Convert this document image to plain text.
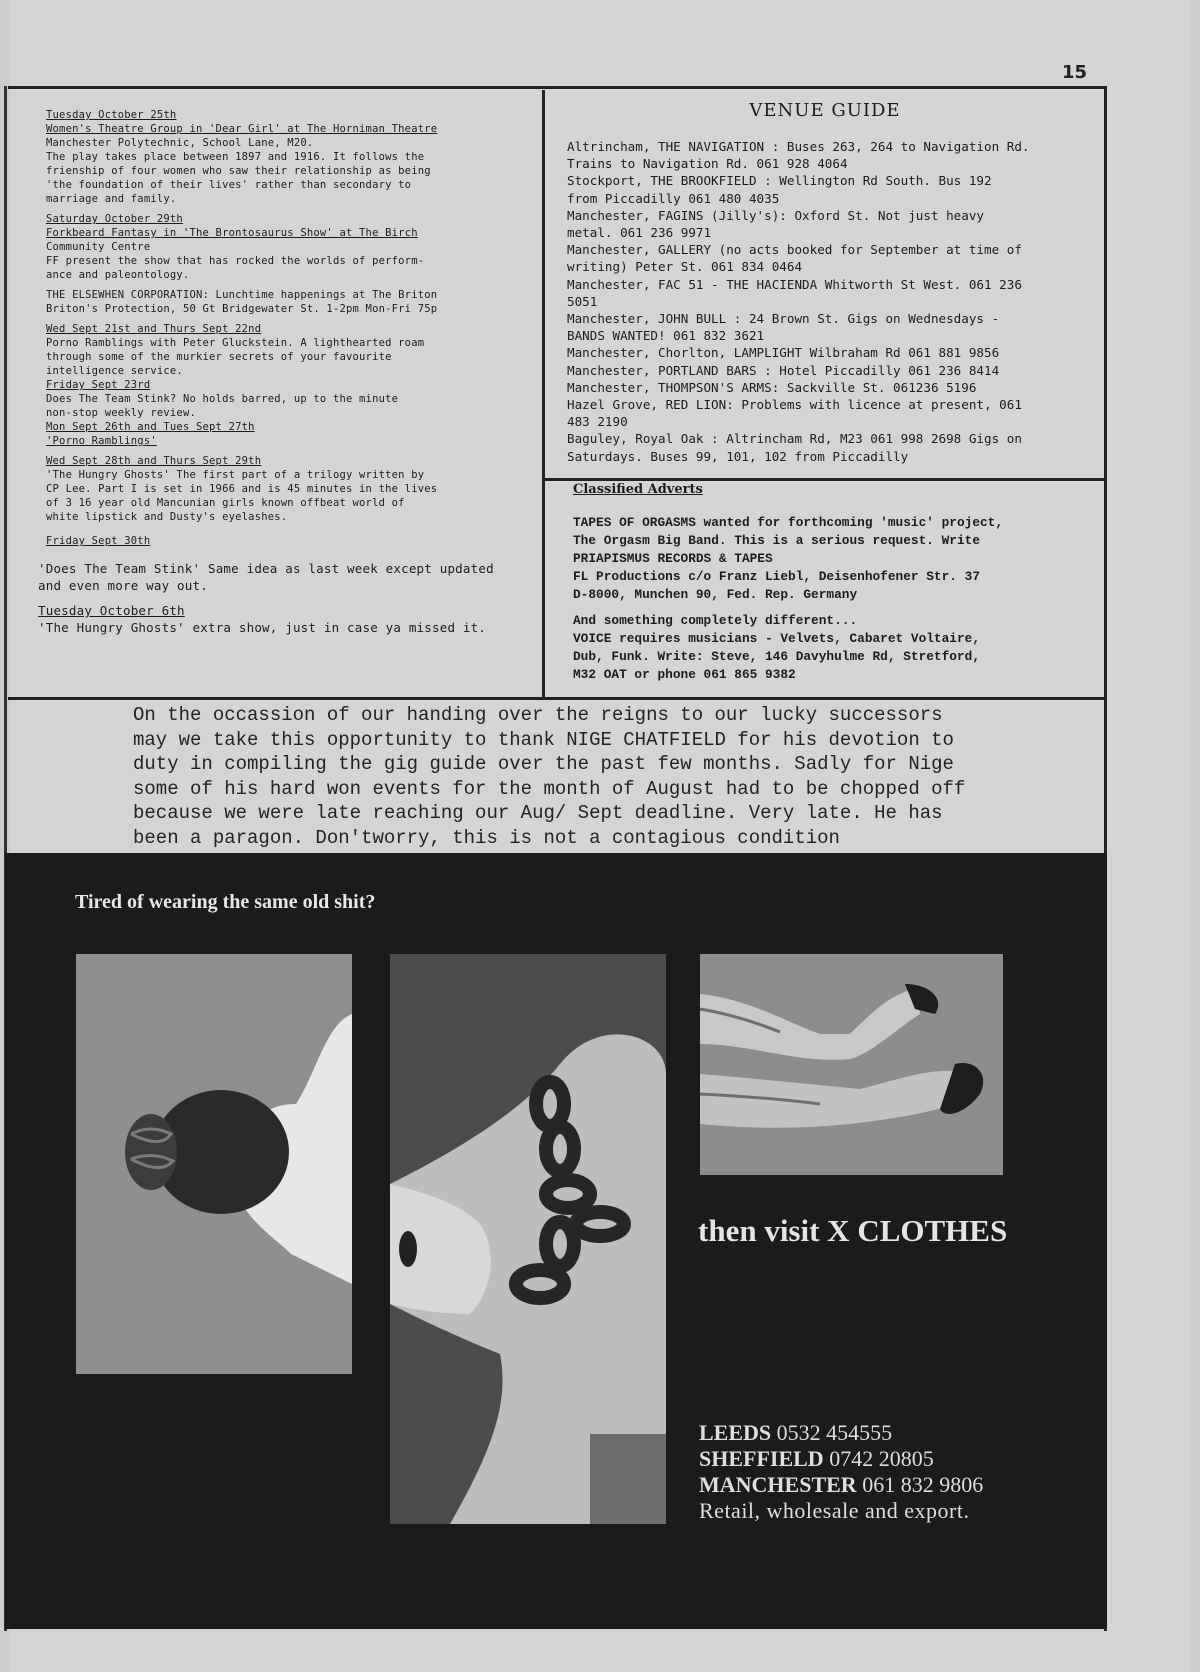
15
Tuesday October 25th
Women's Theatre Group in 'Dear Girl' at The Horniman Theatre
Manchester Polytechnic, School Lane, M20.
The play takes place between 1897 and 1916. It follows the
frienship of four women who saw their relationship as being
'the foundation of their lives' rather than secondary to
marriage and family.
Saturday October 29th
Forkbeard Fantasy in 'The Brontosaurus Show' at The Birch
Community Centre
FF present the show that has rocked the worlds of perform-
ance and paleontology.
THE ELSEWHEN CORPORATION: Lunchtime happenings at The Briton
Briton's Protection, 50 Gt Bridgewater St. 1-2pm Mon-Fri 75p
Wed Sept 21st and Thurs Sept 22nd
Porno Ramblings with Peter Gluckstein. A lighthearted roam
through some of the murkier secrets of your favourite
intelligence service.
Friday Sept 23rd
Does The Team Stink? No holds barred, up to the minute
non-stop weekly review.
Mon Sept 26th and Tues Sept 27th
'Porno Ramblings'
Wed Sept 28th and Thurs Sept 29th
'The Hungry Ghosts' The first part of a trilogy written by
CP Lee. Part I is set in 1966 and is 45 minutes in the lives
of 3 16 year old Mancunian girls known offbeat world of
white lipstick and Dusty's eyelashes.
Friday Sept 30th
'Does The Team Stink' Same idea as last week except updated
and even more way out.
Tuesday October 6th
'The Hungry Ghosts' extra show, just in case ya missed it.
VENUE GUIDE
Altrincham, THE NAVIGATION : Buses 263, 264 to Navigation Rd.
Trains to Navigation Rd. 061 928 4064
Stockport, THE BROOKFIELD : Wellington Rd South. Bus 192
from Piccadilly 061 480 4035
Manchester, FAGINS (Jilly's): Oxford St. Not just heavy
metal. 061 236 9971
Manchester, GALLERY (no acts booked for September at time of
writing) Peter St. 061 834 0464
Manchester, FAC 51 - THE HACIENDA Whitworth St West. 061 236
5051
Manchester, JOHN BULL : 24 Brown St. Gigs on Wednesdays -
BANDS WANTED! 061 832 3621
Manchester, Chorlton, LAMPLIGHT Wilbraham Rd 061 881 9856
Manchester, PORTLAND BARS : Hotel Piccadilly 061 236 8414
Manchester, THOMPSON'S ARMS: Sackville St. 061236 5196
Hazel Grove, RED LION: Problems with licence at present, 061
483 2190
Baguley, Royal Oak : Altrincham Rd, M23 061 998 2698 Gigs on
Saturdays. Buses 99, 101, 102 from Piccadilly
Classified Adverts
TAPES OF ORGASMS wanted for forthcoming 'music' project,
The Orgasm Big Band. This is a serious request. Write
PRIAPISMUS RECORDS & TAPES
FL Productions c/o Franz Liebl, Deisenhofener Str. 37
D-8000, Munchen 90, Fed. Rep. Germany
And something completely different...
VOICE requires musicians - Velvets, Cabaret Voltaire,
Dub, Funk. Write: Steve, 146 Davyhulme Rd, Stretford,
M32 OAT or phone 061 865 9382
On the occassion of our handing over the reigns to our lucky successors
may we take this opportunity to thank NIGE CHATFIELD for his devotion to
duty in compiling the gig guide over the past few months. Sadly for Nige
some of his hard won events for the month of August had to be chopped off
because we were late reaching our Aug/ Sept deadline. Very late. He has
been a paragon. Don'tworry, this is not a contagious condition
Tired of wearing the same old shit?
then visit X CLOTHES
LEEDS 0532 454555
SHEFFIELD 0742 20805
MANCHESTER 061 832 9806
Retail, wholesale and export.
